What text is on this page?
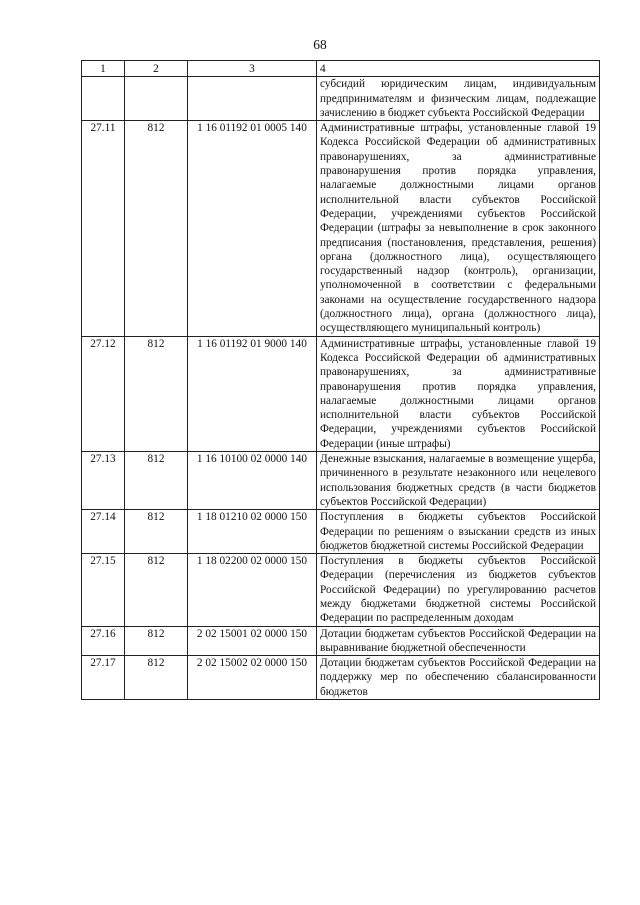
68
1	2	3	4
			субсидий юридическим лицам, индивидуальным предпринимателям и физическим лицам, подлежащие зачислению в бюджет субъекта Российской Федерации
27.11	812	1 16 01192 01 0005 140	Административные штрафы, установленные главой 19 Кодекса Российской Федерации об административных правонарушениях, за административные правонарушения против порядка управления, налагаемые должностными лицами органов исполнительной власти субъектов Российской Федерации, учреждениями субъектов Российской Федерации (штрафы за невыполнение в срок законного предписания (постановления, представления, решения) органа (должностного лица), осуществляющего государственный надзор (контроль), организации, уполномоченной в соответствии с федеральными законами на осуществление государственного надзора (должностного лица), органа (должностного лица), осуществляющего муниципальный контроль)
27.12	812	1 16 01192 01 9000 140	Административные штрафы, установленные главой 19 Кодекса Российской Федерации об административных правонарушениях, за административные правонарушения против порядка управления, налагаемые должностными лицами органов исполнительной власти субъектов Российской Федерации, учреждениями субъектов Российской Федерации (иные штрафы)
27.13	812	1 16 10100 02 0000 140	Денежные взыскания, налагаемые в возмещение ущерба, причиненного в результате незаконного или нецелевого использования бюджетных средств (в части бюджетов субъектов Российской Федерации)
27.14	812	1 18 01210 02 0000 150	Поступления в бюджеты субъектов Российской Федерации по решениям о взыскании средств из иных бюджетов бюджетной системы Российской Федерации
27.15	812	1 18 02200 02 0000 150	Поступления в бюджеты субъектов Российской Федерации (перечисления из бюджетов субъектов Российской Федерации) по урегулированию расчетов между бюджетами бюджетной системы Российской Федерации по распределенным доходам
27.16	812	2 02 15001 02 0000 150	Дотации бюджетам субъектов Российской Федерации на выравнивание бюджетной обеспеченности
27.17	812	2 02 15002 02 0000 150	Дотации бюджетам субъектов Российской Федерации на поддержку мер по обеспечению сбалансированности бюджетов
